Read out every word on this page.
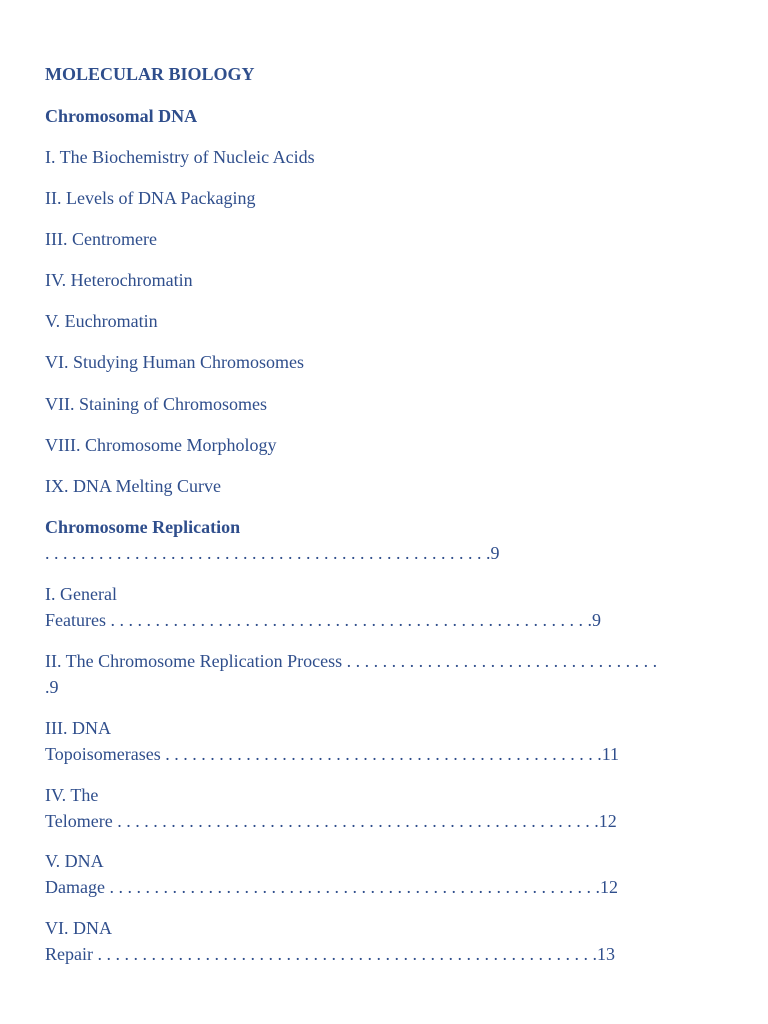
MOLECULAR BIOLOGY
Chromosomal DNA
I. The Biochemistry of Nucleic Acids
II. Levels of DNA Packaging
III. Centromere
IV. Heterochromatin
V. Euchromatin
VI. Studying Human Chromosomes
VII. Staining of Chromosomes
VIII. Chromosome Morphology
IX. DNA Melting Curve
Chromosome Replication
. . . . . . . . . . . . . . . . . . . . . . . . . . . . . . . . . . . . . . . . . . . . . . . . . .9
I. General
Features . . . . . . . . . . . . . . . . . . . . . . . . . . . . . . . . . . . . . . . . . . . . . . . . . . . . . .9
II. The Chromosome Replication Process . . . . . . . . . . . . . . . . . . . . . . . . . . . . . . . . . . .
.9
III. DNA
Topoisomerases . . . . . . . . . . . . . . . . . . . . . . . . . . . . . . . . . . . . . . . . . . . . . . . . .11
IV. The
Telomere . . . . . . . . . . . . . . . . . . . . . . . . . . . . . . . . . . . . . . . . . . . . . . . . . . . . . .12
V. DNA
Damage . . . . . . . . . . . . . . . . . . . . . . . . . . . . . . . . . . . . . . . . . . . . . . . . . . . . . . .12
VI. DNA
Repair . . . . . . . . . . . . . . . . . . . . . . . . . . . . . . . . . . . . . . . . . . . . . . . . . . . . . . . .13
